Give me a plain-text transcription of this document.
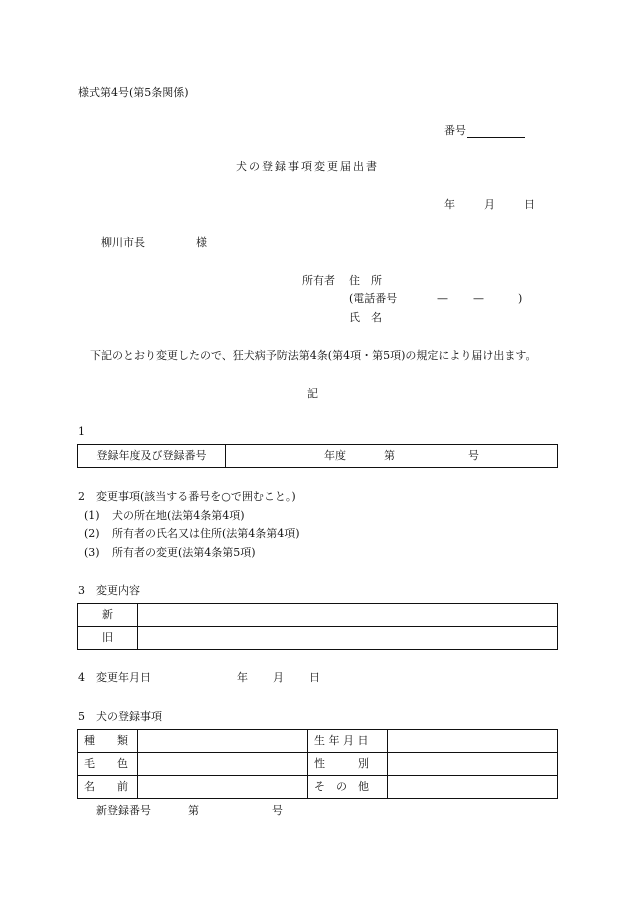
様式第4号(第5条関係)
番号
犬の登録事項変更届出書
年	月	日
柳川市長	様
所有者 住　所
(電話番号	— —	)
氏　名
下記のとおり変更したので、狂犬病予防法第4条(第4項・第5項)の規定により届け出ます。
記
1
登録年度及び登録番号	年度	第	号
2　変更事項(該当する番号を○で囲むこと。)
(1) 犬の所在地(法第4条第4項)
(2) 所有者の氏名又は住所(法第4条第4項)
(3) 所有者の変更(法第4条第5項)
3　変更内容
新	
旧	
4　変更年月日	年 月 日
5　犬の登録事項
種　　類		生 年 月 日	
毛　　色		性　　　別	
名　　前		そ　の　他	
新登録番号	第	号
